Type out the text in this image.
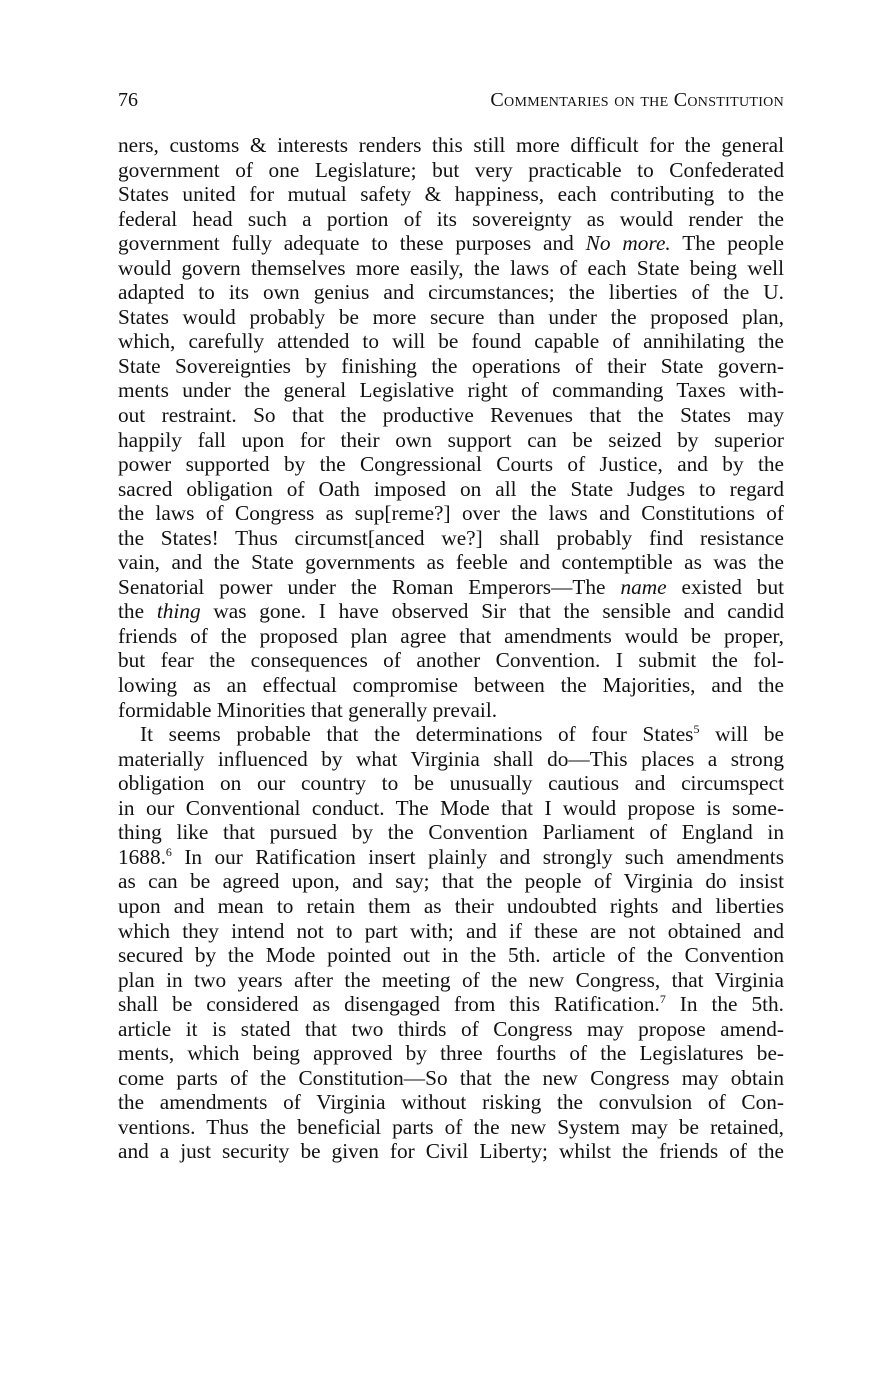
76	Commentaries on the Constitution
ners, customs & interests renders this still more difficult for the general
government of one Legislature; but very practicable to Confederated
States united for mutual safety & happiness, each contributing to the
federal head such a portion of its sovereignty as would render the
government fully adequate to these purposes and No more. The people
would govern themselves more easily, the laws of each State being well
adapted to its own genius and circumstances; the liberties of the U.
States would probably be more secure than under the proposed plan,
which, carefully attended to will be found capable of annihilating the
State Sovereignties by finishing the operations of their State govern-
ments under the general Legislative right of commanding Taxes with-
out restraint. So that the productive Revenues that the States may
happily fall upon for their own support can be seized by superior
power supported by the Congressional Courts of Justice, and by the
sacred obligation of Oath imposed on all the State Judges to regard
the laws of Congress as sup[reme?] over the laws and Constitutions of
the States! Thus circumst[anced we?] shall probably find resistance
vain, and the State governments as feeble and contemptible as was the
Senatorial power under the Roman Emperors—The name existed but
the thing was gone. I have observed Sir that the sensible and candid
friends of the proposed plan agree that amendments would be proper,
but fear the consequences of another Convention. I submit the fol-
lowing as an effectual compromise between the Majorities, and the
formidable Minorities that generally prevail.
It seems probable that the determinations of four States$^5$ will be
materially influenced by what Virginia shall do—This places a strong
obligation on our country to be unusually cautious and circumspect
in our Conventional conduct. The Mode that I would propose is some-
thing like that pursued by the Convention Parliament of England in
1688.$^6$ In our Ratification insert plainly and strongly such amendments
as can be agreed upon, and say; that the people of Virginia do insist
upon and mean to retain them as their undoubted rights and liberties
which they intend not to part with; and if these are not obtained and
secured by the Mode pointed out in the 5th. article of the Convention
plan in two years after the meeting of the new Congress, that Virginia
shall be considered as disengaged from this Ratification.$^7$ In the 5th.
article it is stated that two thirds of Congress may propose amend-
ments, which being approved by three fourths of the Legislatures be-
come parts of the Constitution—So that the new Congress may obtain
the amendments of Virginia without risking the convulsion of Con-
ventions. Thus the beneficial parts of the new System may be retained,
and a just security be given for Civil Liberty; whilst the friends of the
